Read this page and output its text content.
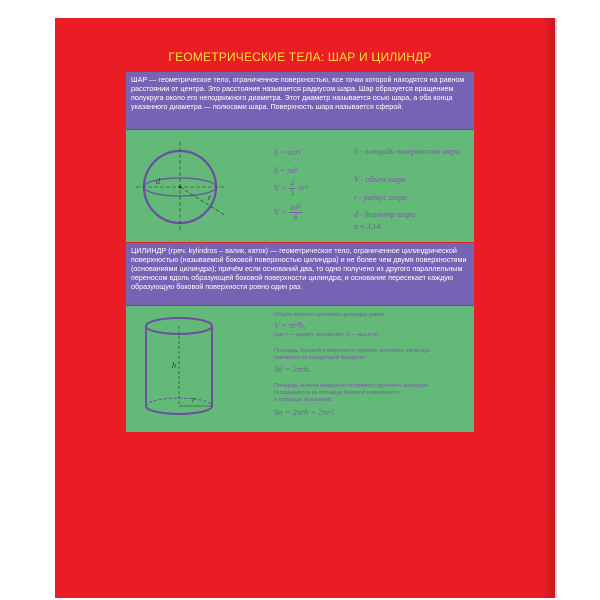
ГЕОМЕТРИЧЕСКИЕ ТЕЛА: ШАР И ЦИЛИНДР
ШАР — геометрическое тело, ограниченное поверхностью, все точки которой находятся на равном расстоянии от центра. Это расстояние называется радиусом шара. Шар образуется вращением полукруга около его неподвижного диаметра. Этот диаметр называется осью шара, а оба конца указанного диаметра — полюсами шара. Поверхность шара называется сферой.
d
r
S = 4πr²
S = πd²
$V = \frac{4}{3} \pi r^3$
$V = \frac{\text{πd³}}{6}$
S - площадь поверхности шара
V - объем шара
r - радиус шара
d - диаметр шара
π ≈ 3,14
ЦИЛИНДР (греч. kylindros – валик, каток) — геометрическое тело, ограниченное цилиндрической поверхностью (называемой боковой поверхностью цилиндра) и не более чем двумя поверхностями (основаниями цилиндра); причём если оснований два, то одно получено из другого параллельным переносом вдоль образующей боковой поверхности цилиндра; и основание пересекает каждую образующую боковой поверхности ровно один раз.
h
r
Объём прямого кругового цилиндра равен
V = πr²h,
(где r — радиус основания, h — высота).
Площадь боковой поверхности прямого кругового цилиндра
считается по следующей формуле:
Sб = 2πrh.
Площадь полной поверхности прямого кругового цилиндра
складывается из площади боковой поверхности
и площади оснований.
Sп = 2πrh + 2πr².
